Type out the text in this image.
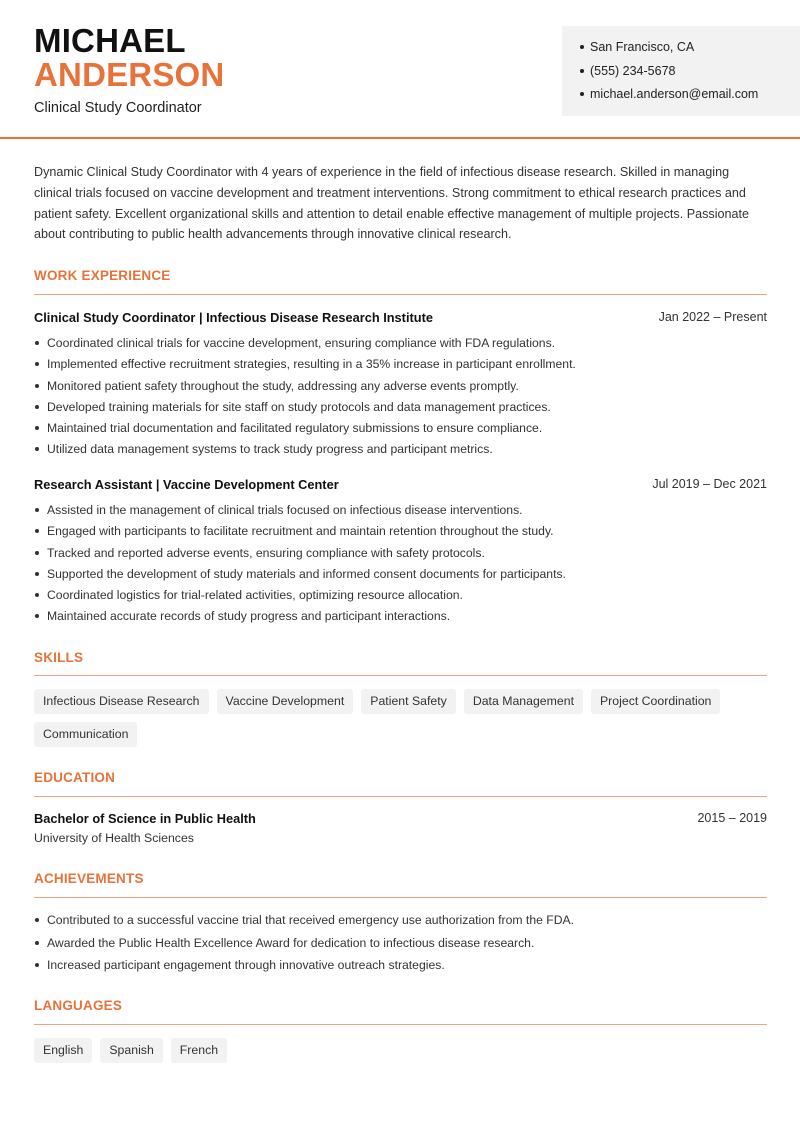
MICHAEL
ANDERSON
Clinical Study Coordinator
San Francisco, CA
(555) 234-5678
michael.anderson@email.com
Dynamic Clinical Study Coordinator with 4 years of experience in the field of infectious disease research. Skilled in managing clinical trials focused on vaccine development and treatment interventions. Strong commitment to ethical research practices and patient safety. Excellent organizational skills and attention to detail enable effective management of multiple projects. Passionate about contributing to public health advancements through innovative clinical research.
WORK EXPERIENCE
Clinical Study Coordinator | Infectious Disease Research Institute	Jan 2022 – Present
Coordinated clinical trials for vaccine development, ensuring compliance with FDA regulations.
Implemented effective recruitment strategies, resulting in a 35% increase in participant enrollment.
Monitored patient safety throughout the study, addressing any adverse events promptly.
Developed training materials for site staff on study protocols and data management practices.
Maintained trial documentation and facilitated regulatory submissions to ensure compliance.
Utilized data management systems to track study progress and participant metrics.
Research Assistant | Vaccine Development Center	Jul 2019 – Dec 2021
Assisted in the management of clinical trials focused on infectious disease interventions.
Engaged with participants to facilitate recruitment and maintain retention throughout the study.
Tracked and reported adverse events, ensuring compliance with safety protocols.
Supported the development of study materials and informed consent documents for participants.
Coordinated logistics for trial-related activities, optimizing resource allocation.
Maintained accurate records of study progress and participant interactions.
SKILLS
Infectious Disease Research	Vaccine Development	Patient Safety	Data Management	Project Coordination
Communication
EDUCATION
Bachelor of Science in Public Health
University of Health Sciences
2015 – 2019
ACHIEVEMENTS
Contributed to a successful vaccine trial that received emergency use authorization from the FDA.
Awarded the Public Health Excellence Award for dedication to infectious disease research.
Increased participant engagement through innovative outreach strategies.
LANGUAGES
English	Spanish	French
